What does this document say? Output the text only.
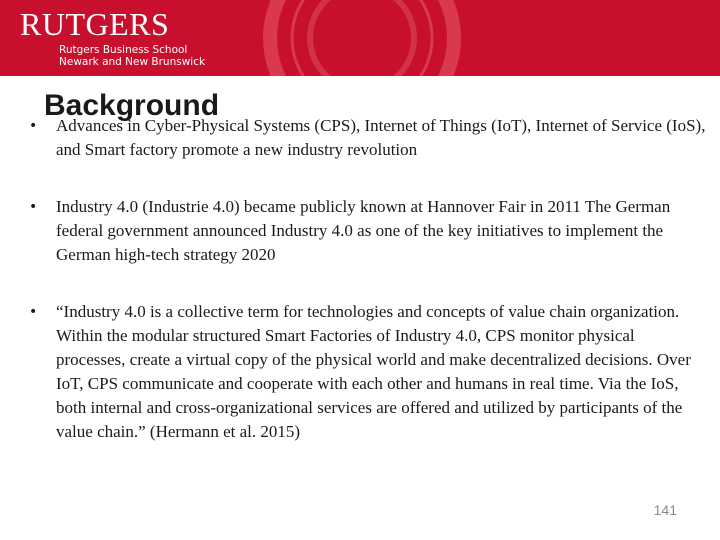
RUTGERS
Rutgers Business School
Newark and New Brunswick
Background
• Advances in Cyber-Physical Systems (CPS), Internet of Things (IoT), Internet of Service (IoS), and Smart factory promote a new industry revolution
• Industry 4.0 (Industrie 4.0) became publicly known at Hannover Fair in 2011 The German federal government announced Industry 4.0 as one of the key initiatives to implement the German high-tech strategy 2020
• “Industry 4.0 is a collective term for technologies and concepts of value chain organization. Within the modular structured Smart Factories of Industry 4.0, CPS monitor physical processes, create a virtual copy of the physical world and make decentralized decisions. Over IoT, CPS communicate and cooperate with each other and humans in real time. Via the IoS, both internal and cross-organizational services are offered and utilized by participants of the value chain.” (Hermann et al. 2015)
141
